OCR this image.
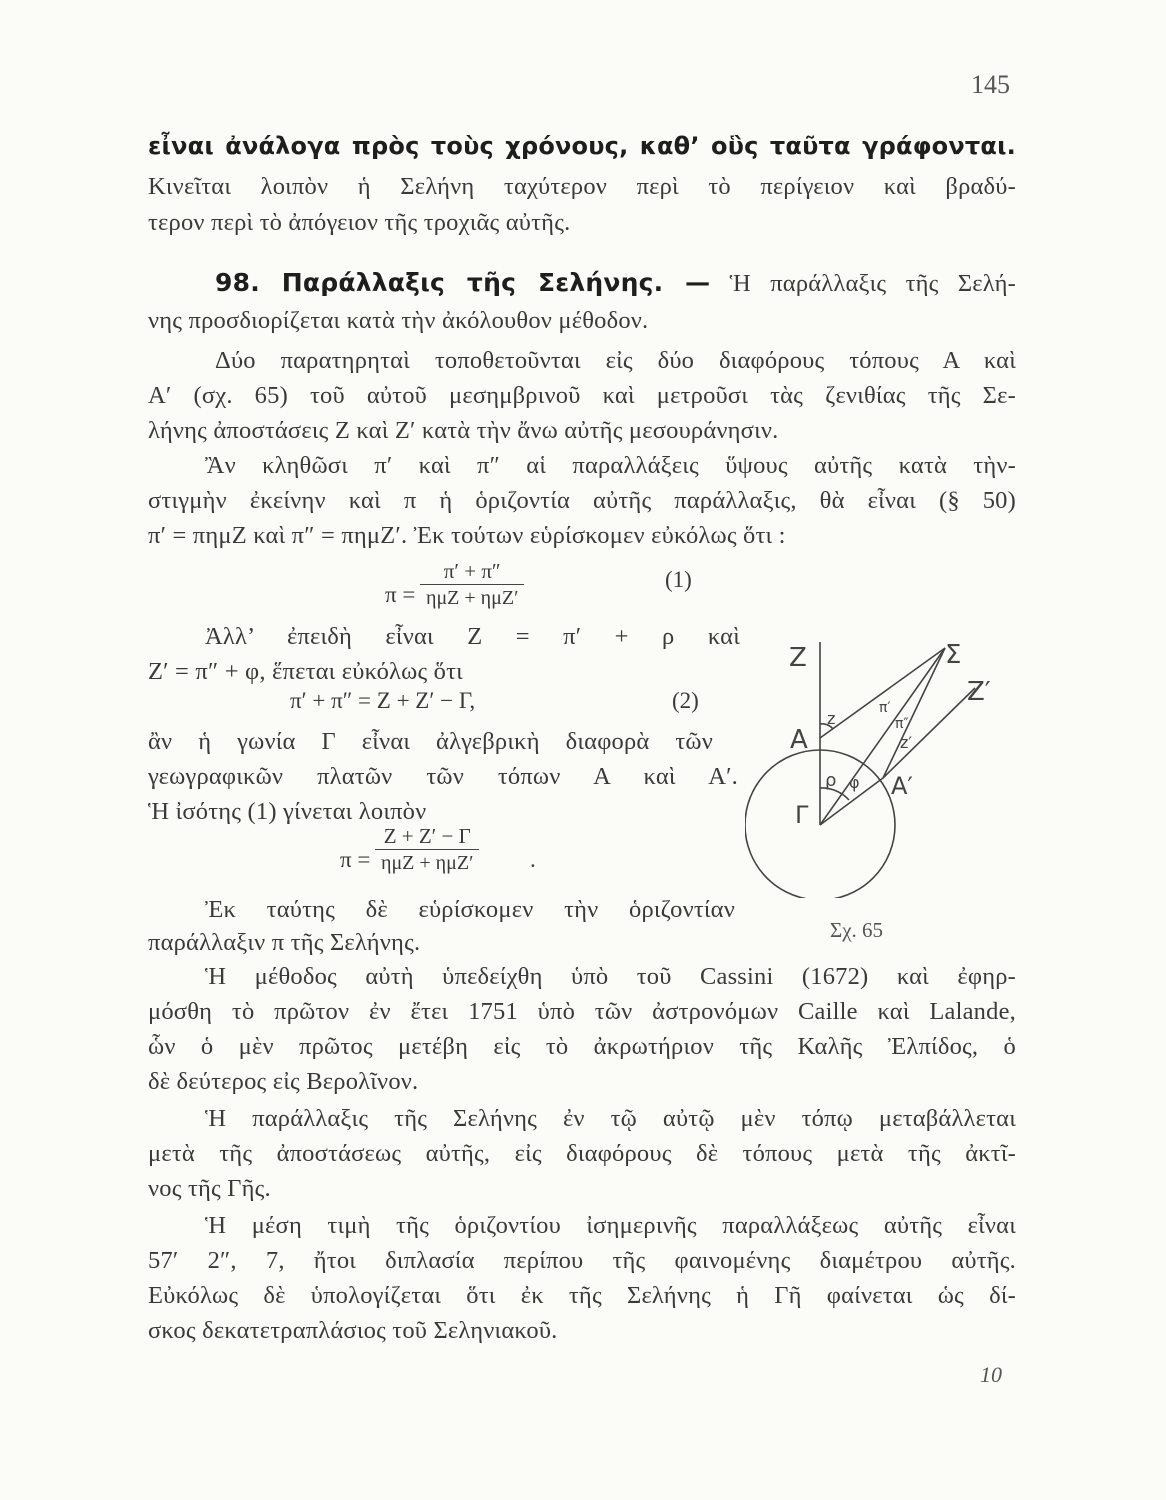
145
εἶναι ἀνάλογα πρὸς τοὺς χρόνους, καθ’ οὓς ταῦτα γράφονται.
Κινεῖται λοιπὸν ἡ Σελήνη ταχύτερον περὶ τὸ περίγειον καὶ βραδύ-
τερον περὶ τὸ ἀπόγειον τῆς τροχιᾶς αὐτῆς.
98. Παράλλαξις τῆς Σελήνης. — Ἡ παράλλαξις τῆς Σελή-
νης προσδιορίζεται κατὰ τὴν ἀκόλουθον μέθοδον.
Δύο παρατηρηταὶ τοποθετοῦνται εἰς δύο διαφόρους τόπους Α καὶ
Α′ (σχ. 65) τοῦ αὐτοῦ μεσημβρινοῦ καὶ μετροῦσι τὰς ζενιθίας τῆς Σε-
λήνης ἀποστάσεις Ζ καὶ Ζ′ κατὰ τὴν ἄνω αὐτῆς μεσουράνησιν.
Ἂν κληθῶσι π′ καὶ π″ αἱ παραλλάξεις ὕψους αὐτῆς κατὰ τὴν-
στιγμὴν ἐκείνην καὶ π ἡ ὁριζοντία αὐτῆς παράλλαξις, θὰ εἶναι (§ 50)
π′ = πημΖ καὶ π″ = πημΖ′. Ἐκ τούτων εὑρίσκομεν εὐκόλως ὅτι :
π =
π′ + π″
ημΖ + ημΖ′
(1)
Ἀλλ’ ἐπειδὴ εἶναι Ζ = π′ + ρ καὶ
Ζ′ = π″ + φ, ἕπεται εὐκόλως ὅτι
π′ + π″ = Ζ + Ζ′ − Γ,	(2)
ἂν ἡ γωνία Γ εἶναι ἀλγεβρικὴ διαφορὰ τῶν
γεωγραφικῶν πλατῶν τῶν τόπων Α καὶ Α′.
Ἡ ἰσότης (1) γίνεται λοιπὸν
π =
Ζ + Ζ′ − Γ
ημΖ + ημΖ′ .
Ἐκ ταύτης δὲ εὑρίσκομεν τὴν ὁριζοντίαν
παράλλαξιν π τῆς Σελήνης.
Ἡ μέθοδος αὐτὴ ὑπεδείχθη ὑπὸ τοῦ Cassini (1672) καὶ ἐφηρ-
μόσθη τὸ πρῶτον ἐν ἔτει 1751 ὑπὸ τῶν ἀστρονόμων Caille καὶ Lalande,
ὧν ὁ μὲν πρῶτος μετέβη εἰς τὸ ἀκρωτήριον τῆς Καλῆς Ἐλπίδος, ὁ
δὲ δεύτερος εἰς Βερολῖνον.
Ἡ παράλλαξις τῆς Σελήνης ἐν τῷ αὐτῷ μὲν τόπῳ μεταβάλλεται
μετὰ τῆς ἀποστάσεως αὐτῆς, εἰς διαφόρους δὲ τόπους μετὰ τῆς ἀκτῖ-
νος τῆς Γῆς.
Ἡ μέση τιμὴ τῆς ὁριζοντίου ἰσημερινῆς παραλλάξεως αὐτῆς εἶναι
57′ 2″, 7, ἤτοι διπλασία περίπου τῆς φαινομένης διαμέτρου αὐτῆς.
Εὐκόλως δὲ ὑπολογίζεται ὅτι ἐκ τῆς Σελήνης ἡ Γῆ φαίνεται ὡς δί-
σκος δεκατετραπλάσιος τοῦ Σεληνιακοῦ.
Z	Σ
Z′
A
A′
Γ
z
z′
π′
π″
ρ φ
Σχ. 65
10
